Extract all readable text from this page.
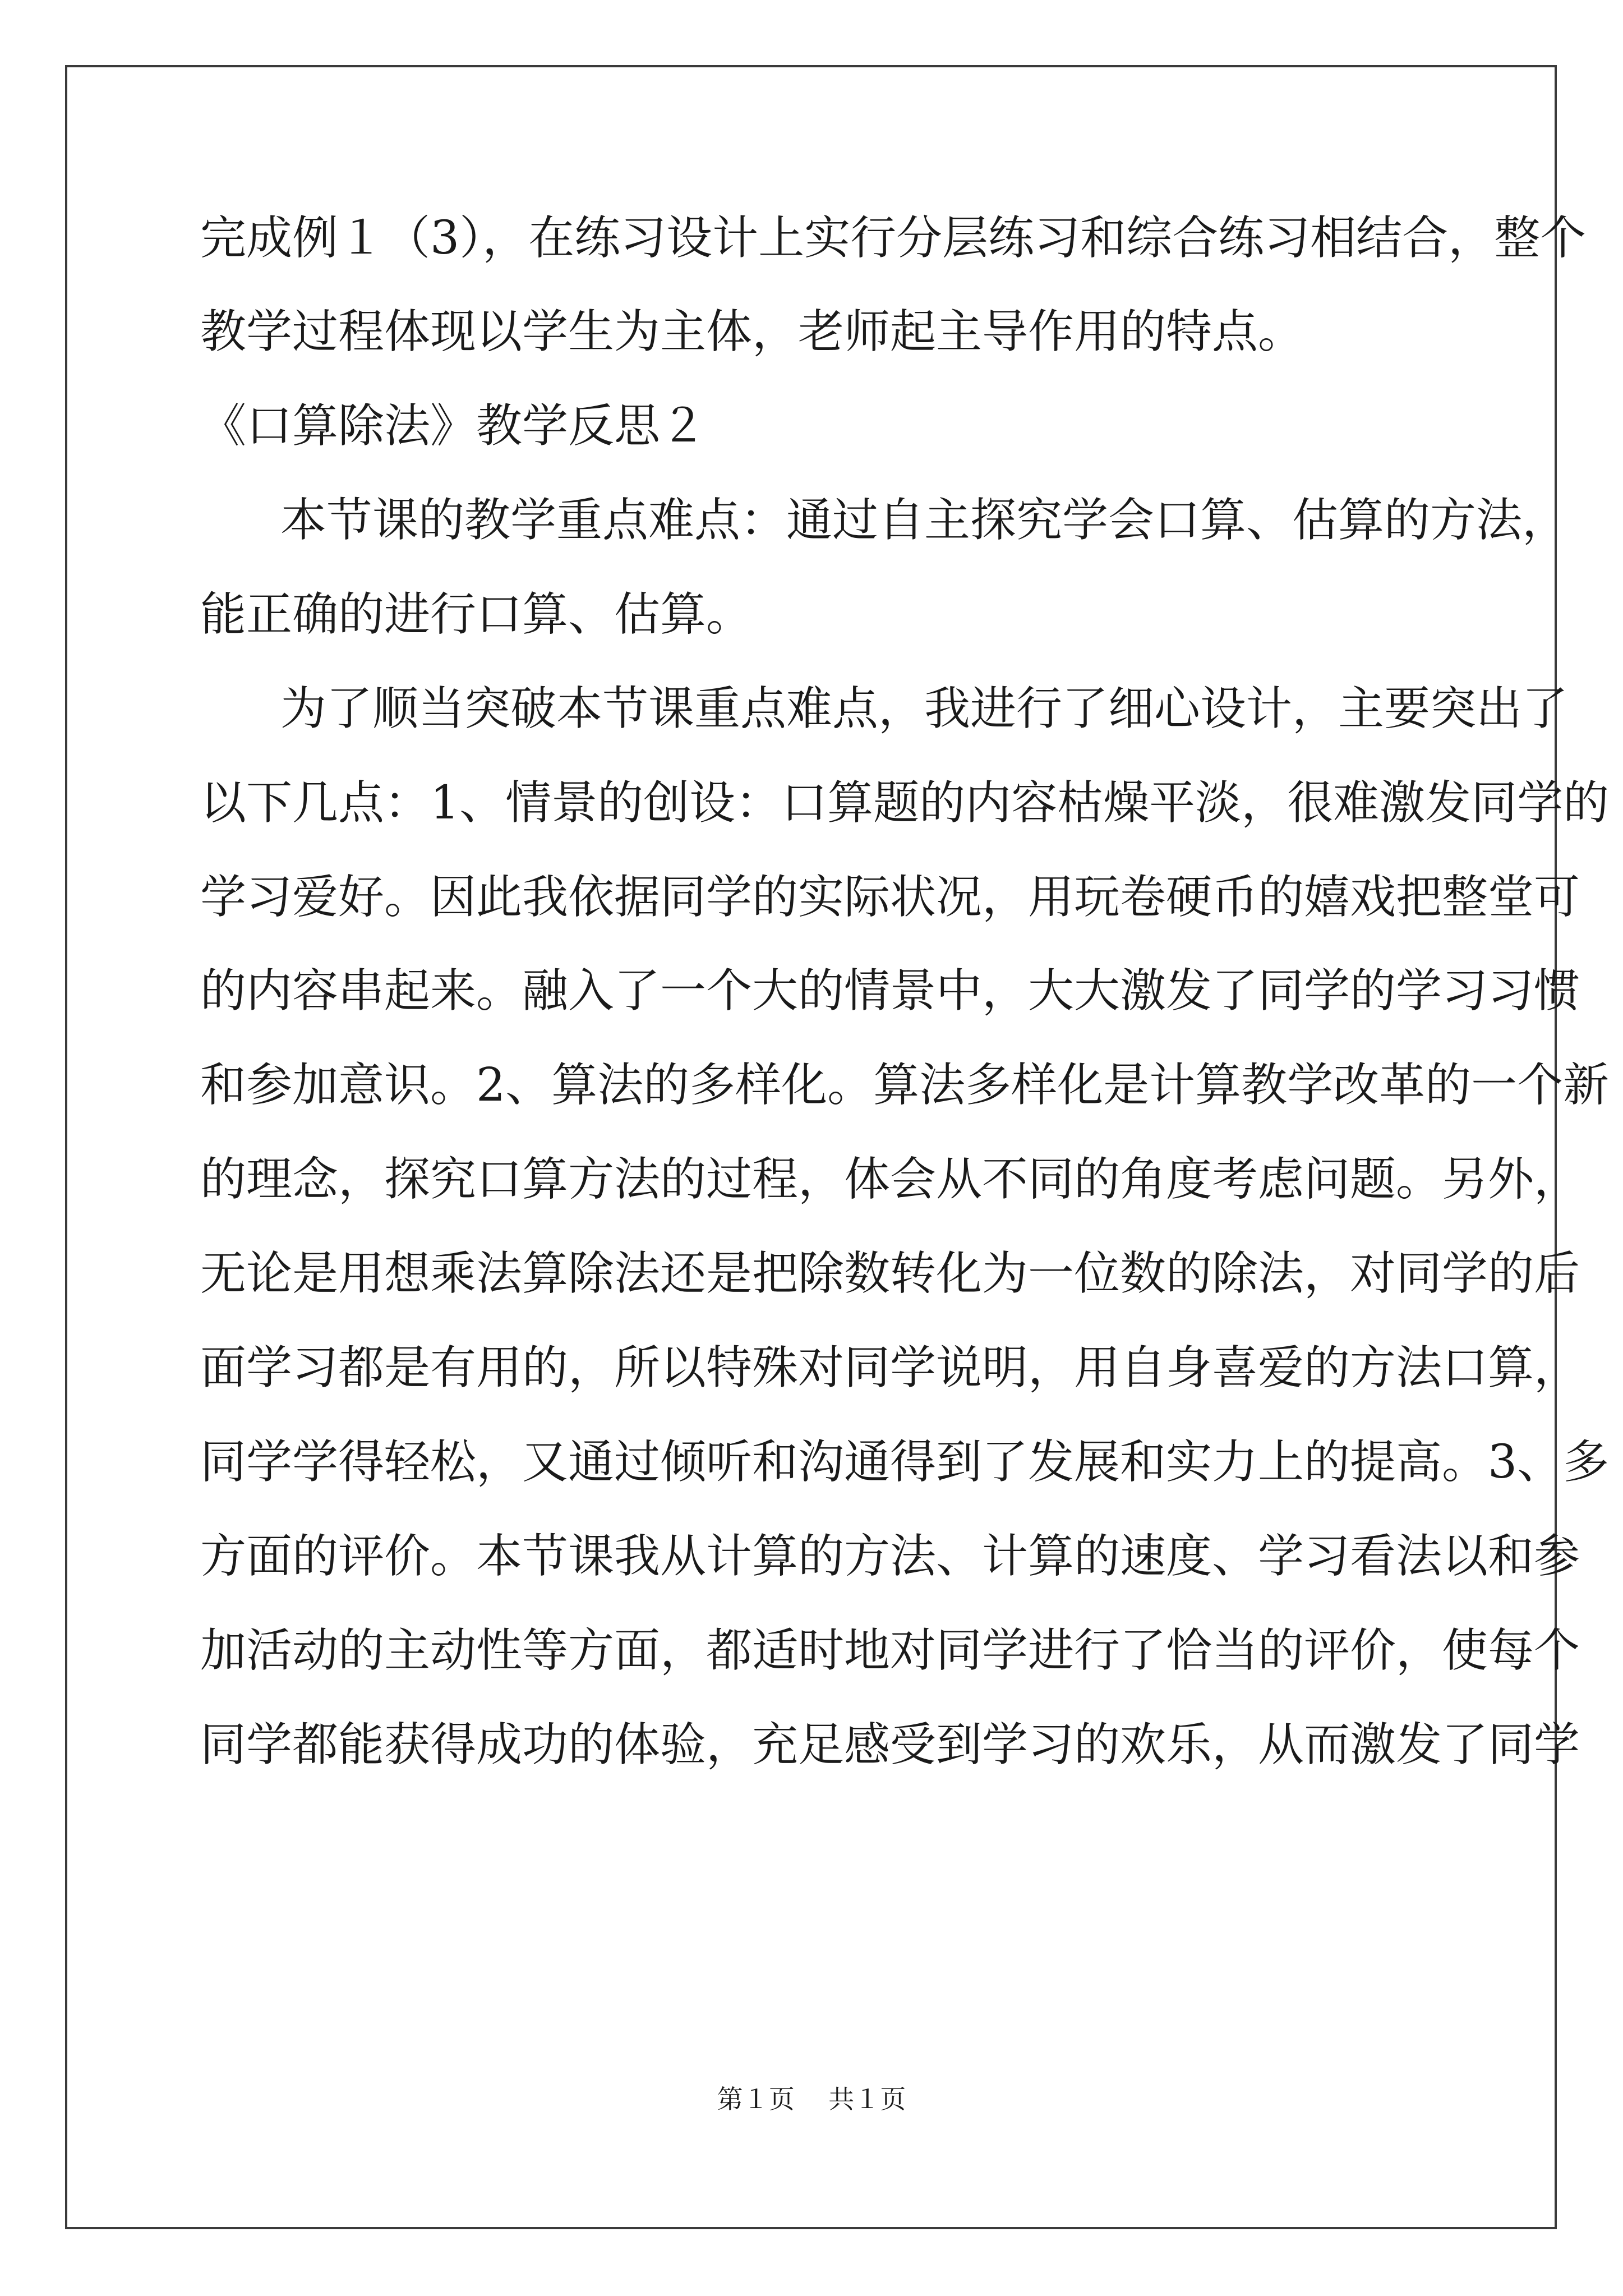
完成例１（3），在练习设计上实行分层练习和综合练习相结合，整个
教学过程体现以学生为主体，老师起主导作用的特点。
《口算除法》教学反思２
本节课的教学重点难点：通过自主探究学会口算、估算的方法，
能正确的进行口算、估算。
为了顺当突破本节课重点难点，我进行了细心设计，主要突出了
以下几点：1、情景的创设：口算题的内容枯燥平淡，很难激发同学的
学习爱好。因此我依据同学的实际状况，用玩卷硬币的嬉戏把整堂可
的内容串起来。融入了一个大的情景中，大大激发了同学的学习习惯
和参加意识。2、算法的多样化。算法多样化是计算教学改革的一个新
的理念，探究口算方法的过程，体会从不同的角度考虑问题。另外，
无论是用想乘法算除法还是把除数转化为一位数的除法，对同学的后
面学习都是有用的，所以特殊对同学说明，用自身喜爱的方法口算，
同学学得轻松，又通过倾听和沟通得到了发展和实力上的提高。3、多
方面的评价。本节课我从计算的方法、计算的速度、学习看法以和参
加活动的主动性等方面，都适时地对同学进行了恰当的评价，使每个
同学都能获得成功的体验，充足感受到学习的欢乐，从而激发了同学
第１页　 共１页
